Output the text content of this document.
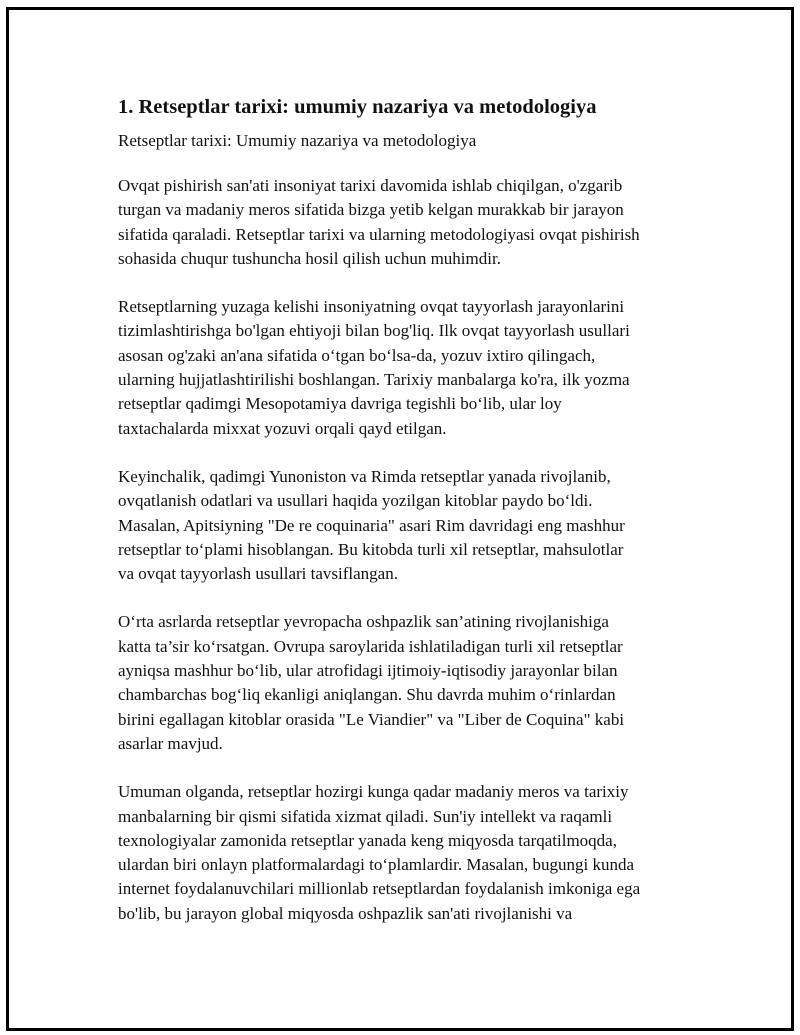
1. Retseptlar tarixi: umumiy nazariya va metodologiya

Retseptlar tarixi: Umumiy nazariya va metodologiya

Ovqat pishirish san'ati insoniyat tarixi davomida ishlab chiqilgan, o'zgarib
turgan va madaniy meros sifatida bizga yetib kelgan murakkab bir jarayon
sifatida qaraladi. Retseptlar tarixi va ularning metodologiyasi ovqat pishirish
sohasida chuqur tushuncha hosil qilish uchun muhimdir.

Retseptlarning yuzaga kelishi insoniyatning ovqat tayyorlash jarayonlarini
tizimlashtirishga bo'lgan ehtiyoji bilan bog'liq. Ilk ovqat tayyorlash usullari
asosan og'zaki an'ana sifatida o‘tgan bo‘lsa-da, yozuv ixtiro qilingach,
ularning hujjatlashtirilishi boshlangan. Tarixiy manbalarga ko'ra, ilk yozma
retseptlar qadimgi Mesopotamiya davriga tegishli bo‘lib, ular loy
taxtachalarda mixxat yozuvi orqali qayd etilgan.

Keyinchalik, qadimgi Yunoniston va Rimda retseptlar yanada rivojlanib,
ovqatlanish odatlari va usullari haqida yozilgan kitoblar paydo bo‘ldi.
Masalan, Apitsiyning "De re coquinaria" asari Rim davridagi eng mashhur
retseptlar to‘plami hisoblangan. Bu kitobda turli xil retseptlar, mahsulotlar
va ovqat tayyorlash usullari tavsiflangan.

O‘rta asrlarda retseptlar yevropacha oshpazlik san’atining rivojlanishiga
katta ta’sir ko‘rsatgan. Ovrupa saroylarida ishlatiladigan turli xil retseptlar
ayniqsa mashhur bo‘lib, ular atrofidagi ijtimoiy-iqtisodiy jarayonlar bilan
chambarchas bog‘liq ekanligi aniqlangan. Shu davrda muhim o‘rinlardan
birini egallagan kitoblar orasida "Le Viandier" va "Liber de Coquina" kabi
asarlar mavjud.

Umuman olganda, retseptlar hozirgi kunga qadar madaniy meros va tarixiy
manbalarning bir qismi sifatida xizmat qiladi. Sun'iy intellekt va raqamli
texnologiyalar zamonida retseptlar yanada keng miqyosda tarqatilmoqda,
ulardan biri onlayn platformalardagi to‘plamlardir. Masalan, bugungi kunda
internet foydalanuvchilari millionlab retseptlardan foydalanish imkoniga ega
bo'lib, bu jarayon global miqyosda oshpazlik san'ati rivojlanishi va
